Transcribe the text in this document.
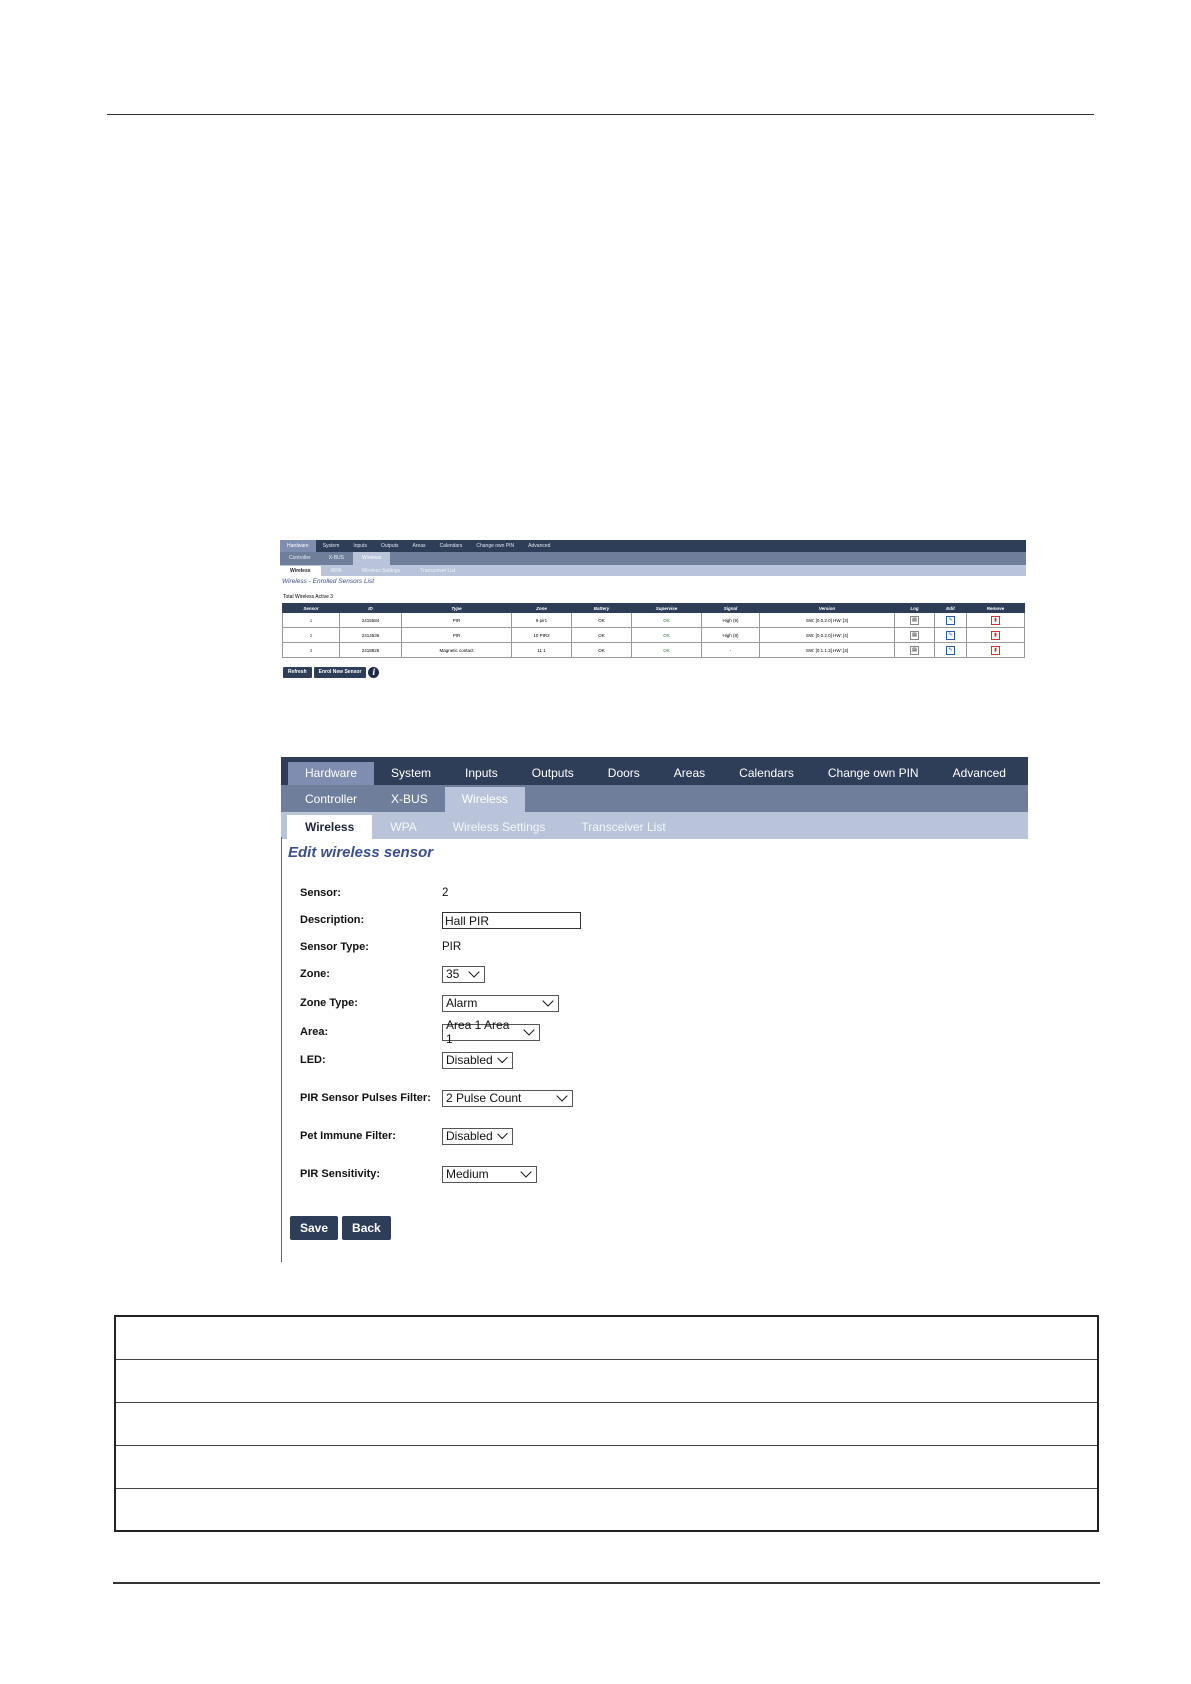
Hardware	System	Inputs	Outputs	Areas	Calendars	Change own PIN	Advanced
Controller	X-BUS	Wireless
Wireless	WPA	Wireless Settings	Transceiver List
Wireless - Enrolled Sensors List
Total Wireless Active 3
Sensor	ID	Type	Zone	Battery	Supervise	Signal	Version	Log	Edit	Remove
1	2415584	PIR	9 pir1	OK	OK	High (9)	SW: [0.0.2.0] HW: [3]	▤	✎	▮
2	2414536	PIR	10 PIR2	OK	OK	High (8)	SW: [0.0.2.0] HW: [4]	▤	✎	▮
3	2418826	Magnetic contact	11 1	OK	OK	-	SW: [0.1.1.3] HW: [3]	▤	✎	▮
Refresh	Enrol New Sensor	i
Hardware	System	Inputs	Outputs	Doors	Areas	Calendars	Change own PIN	Advanced
Controller	X-BUS	Wireless
Wireless	WPA	Wireless Settings	Transceiver List
Edit wireless sensor
Sensor:	2
Description:	Hall PIR
Sensor Type:	PIR
Zone:	35
Zone Type:	Alarm
Area:	Area 1 Area 1
LED:	Disabled
PIR Sensor Pulses Filter:	2 Pulse Count
Pet Immune Filter:	Disabled
PIR Sensitivity:	Medium
Save	Back
